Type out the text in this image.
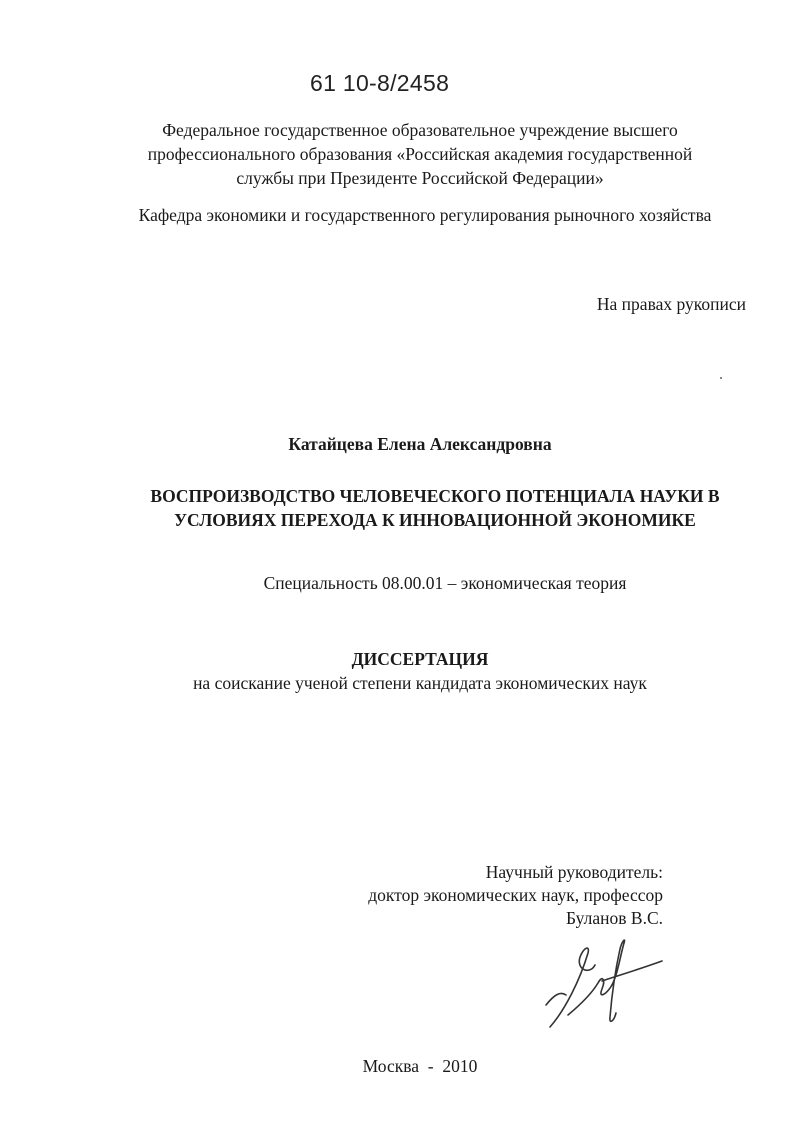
61 10-8/2458
Федеральное государственное образовательное учреждение высшего
профессионального образования «Российская академия государственной
службы при Президенте Российской Федерации»
Кафедра экономики и государственного регулирования рыночного хозяйства
На правах рукописи
Катайцева Елена Александровна
ВОСПРОИЗВОДСТВО ЧЕЛОВЕЧЕСКОГО ПОТЕНЦИАЛА НАУКИ В
УСЛОВИЯХ ПЕРЕХОДА К ИННОВАЦИОННОЙ ЭКОНОМИКЕ
Специальность 08.00.01 – экономическая теория
ДИССЕРТАЦИЯ
на соискание ученой степени кандидата экономических наук
Научный руководитель:
доктор экономических наук, профессор
Буланов В.С.
Москва - 2010
